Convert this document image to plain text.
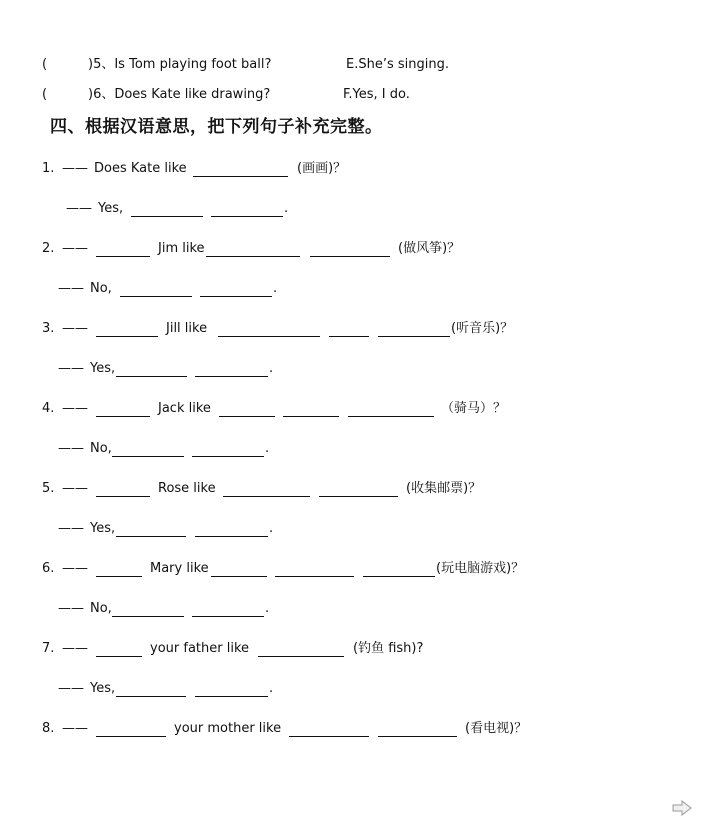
(	)5、Is Tom playing foot ball?	E.She’s singing.
(	)6、Does Kate like drawing?	F.Yes, I do.
四、根据汉语意思，把下列句子补充完整。
1. —— Does Kate like	(画画)？
—— Yes,	.
2. ——	Jim like	(做风筝)？
—— No,	.
3. ——	Jill like	(听音乐)？
—— Yes,	.
4. ——	Jack like	（骑马）？
—— No,	.
5. ——	Rose like	(收集邮票)？
—— Yes,	.
6. ——	Mary like	(玩电脑游戏)？
—— No,	.
7. ——	your father like	(钓鱼 fish)?
—— Yes,	.
8. ——	your mother like	(看电视)？
